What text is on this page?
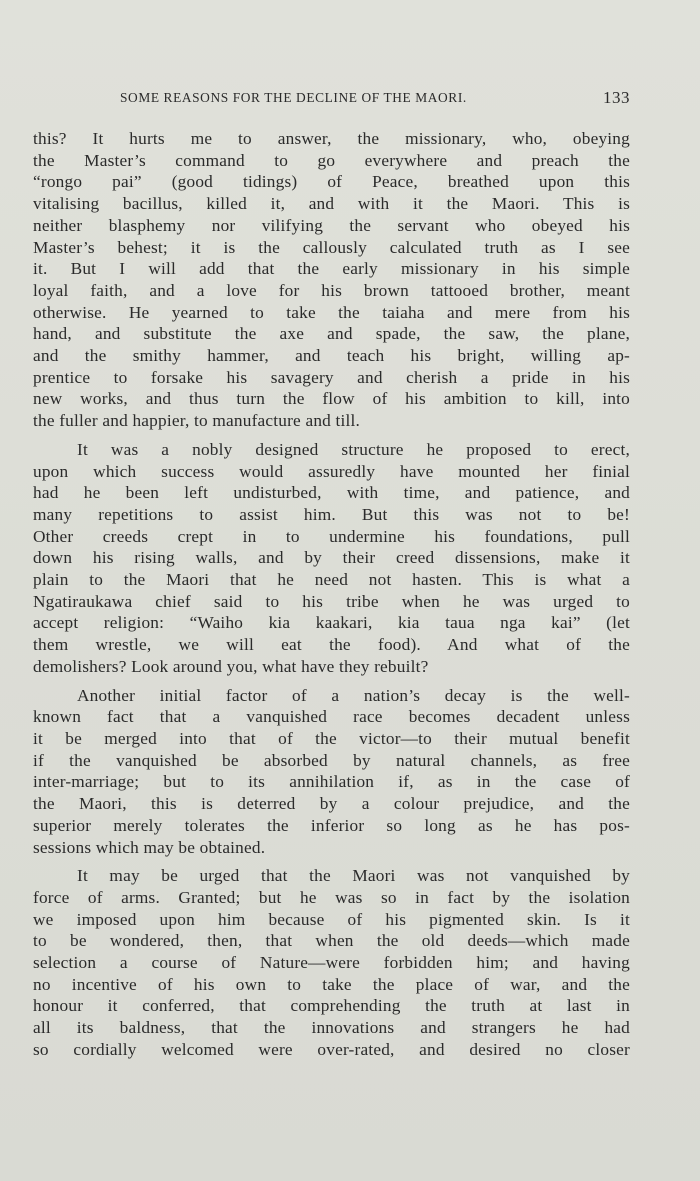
SOME REASONS FOR THE DECLINE OF THE MAORI.	133
this? It hurts me to answer, the missionary, who, obeying
the Master’s command to go everywhere and preach the
“rongo pai” (good tidings) of Peace, breathed upon this
vitalising bacillus, killed it, and with it the Maori. This is
neither blasphemy nor vilifying the servant who obeyed his
Master’s behest; it is the callously calculated truth as I see
it. But I will add that the early missionary in his simple
loyal faith, and a love for his brown tattooed brother, meant
otherwise. He yearned to take the taiaha and mere from his
hand, and substitute the axe and spade, the saw, the plane,
and the smithy hammer, and teach his bright, willing ap-
prentice to forsake his savagery and cherish a pride in his
new works, and thus turn the flow of his ambition to kill, into
the fuller and happier, to manufacture and till.
It was a nobly designed structure he proposed to erect,
upon which success would assuredly have mounted her finial
had he been left undisturbed, with time, and patience, and
many repetitions to assist him. But this was not to be!
Other creeds crept in to undermine his foundations, pull
down his rising walls, and by their creed dissensions, make it
plain to the Maori that he need not hasten. This is what a
Ngatiraukawa chief said to his tribe when he was urged to
accept religion: “Waiho kia kaakari, kia taua nga kai” (let
them wrestle, we will eat the food). And what of the
demolishers? Look around you, what have they rebuilt?
Another initial factor of a nation’s decay is the well-
known fact that a vanquished race becomes decadent unless
it be merged into that of the victor—to their mutual benefit
if the vanquished be absorbed by natural channels, as free
inter-marriage; but to its annihilation if, as in the case of
the Maori, this is deterred by a colour prejudice, and the
superior merely tolerates the inferior so long as he has pos-
sessions which may be obtained.
It may be urged that the Maori was not vanquished by
force of arms. Granted; but he was so in fact by the isolation
we imposed upon him because of his pigmented skin. Is it
to be wondered, then, that when the old deeds—which made
selection a course of Nature—were forbidden him; and having
no incentive of his own to take the place of war, and the
honour it conferred, that comprehending the truth at last in
all its baldness, that the innovations and strangers he had
so cordially welcomed were over-rated, and desired no closer
